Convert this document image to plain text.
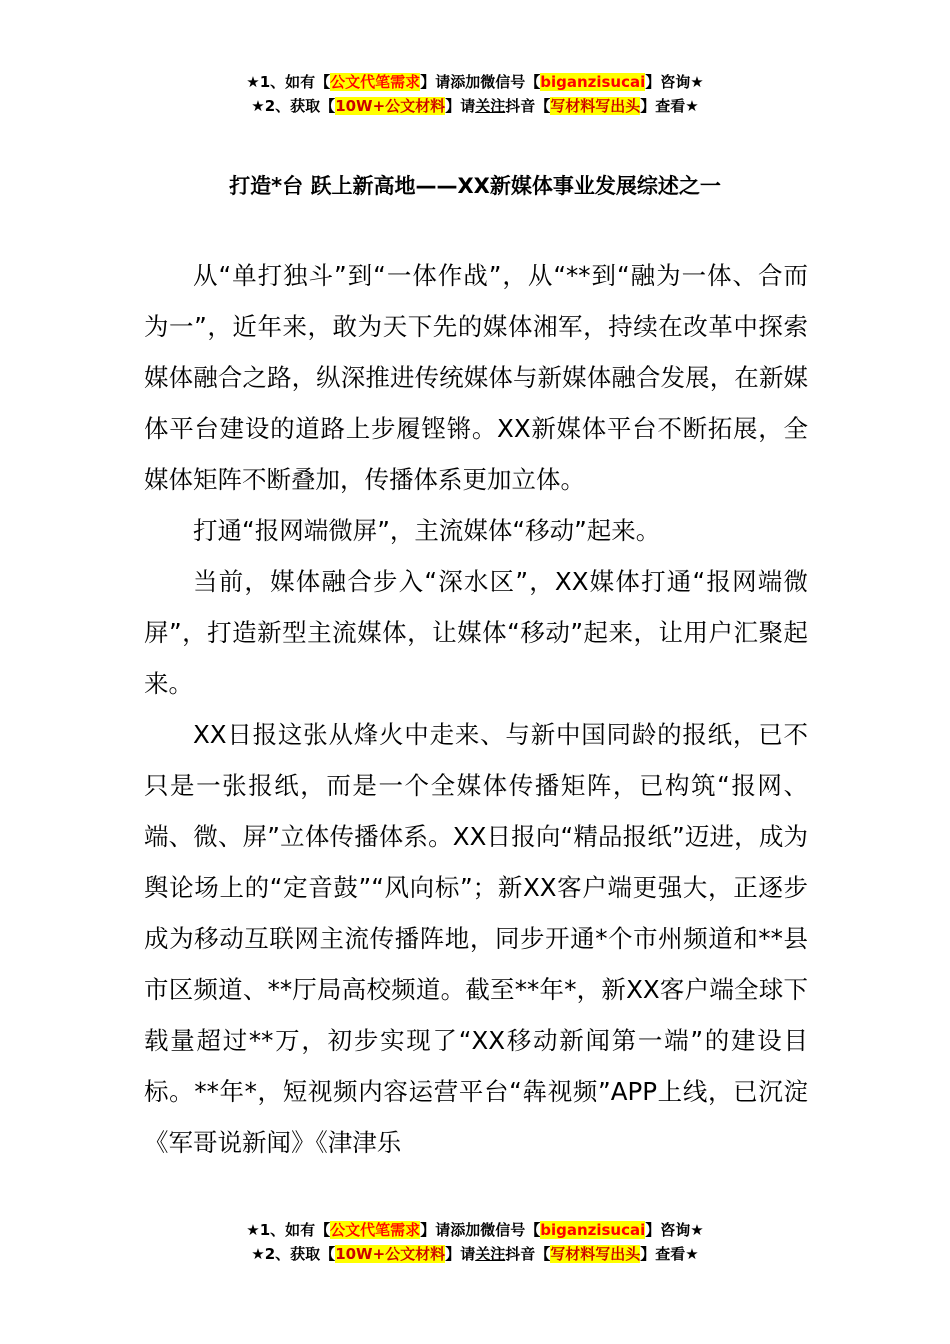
★1、如有【公文代笔需求】请添加微信号【biganzisucai】咨询★
★2、获取【10W+公文材料】请关注抖音【写材料写出头】查看★
打造*台 跃上新高地——XX新媒体事业发展综述之一

从“单打独斗”到“一体作战”，从“**到“融为一体、合而为一”，近年来，敢为天下先的媒体湘军，持续在改革中探索媒体融合之路，纵深推进传统媒体与新媒体融合发展，在新媒体平台建设的道路上步履铿锵。XX新媒体平台不断拓展，全媒体矩阵不断叠加，传播体系更加立体。

打通“报网端微屏”，主流媒体“移动”起来。

当前，媒体融合步入“深水区”，XX媒体打通“报网端微屏”，打造新型主流媒体，让媒体“移动”起来，让用户汇聚起来。

XX日报这张从烽火中走来、与新中国同龄的报纸，已不只是一张报纸，而是一个全媒体传播矩阵，已构筑“报网、端、微、屏”立体传播体系。XX日报向“精品报纸”迈进，成为舆论场上的“定音鼓”“风向标”；新XX客户端更强大，正逐步成为移动互联网主流传播阵地，同步开通*个市州频道和**县市区频道、**厅局高校频道。截至**年*，新XX客户端全球下载量超过**万，初步实现了“XX移动新闻第一端”的建设目标。**年*，短视频内容运营平台“犇视频”APP上线，已沉淀《军哥说新闻》《津津乐

★1、如有【公文代笔需求】请添加微信号【biganzisucai】咨询★
★2、获取【10W+公文材料】请关注抖音【写材料写出头】查看★
